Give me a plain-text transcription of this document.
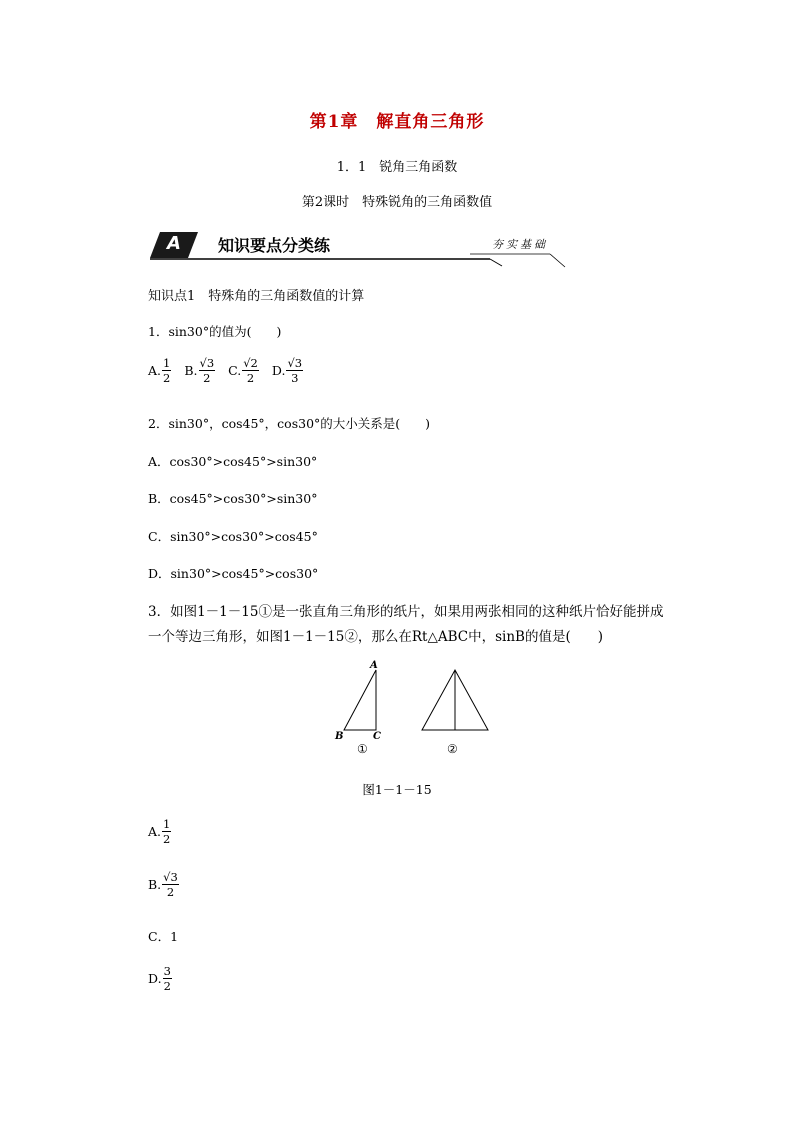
第1章　解直角三角形
1．1　锐角三角函数
第2课时　特殊锐角的三角函数值
A 知识要点分类练	夯实基础
知识点1　特殊角的三角函数值的计算
1．sin30°的值为(　　)
A. $\frac{1}{2}$
B. $\frac{√3}{2}$
C. $\frac{√2}{2}$
D. $\frac{√3}{3}$
2．sin30°，cos45°，cos30°的大小关系是(　　)
A．cos30°>cos45°>sin30°
B．cos45°>cos30°>sin30°
C．sin30°>cos30°>cos45°
D．sin30°>cos45°>cos30°
3．如图1－1－15①是一张直角三角形的纸片，如果用两张相同的这种纸片恰好能拼成
一个等边三角形，如图1－1－15②，那么在Rt△ABC中，sinB的值是(　　)
A
B	C
①	②
图1－1－15
A. $\frac{1}{2}$
B. $\frac{√3}{2}$
C．1
D. $\frac{3}{2}$
